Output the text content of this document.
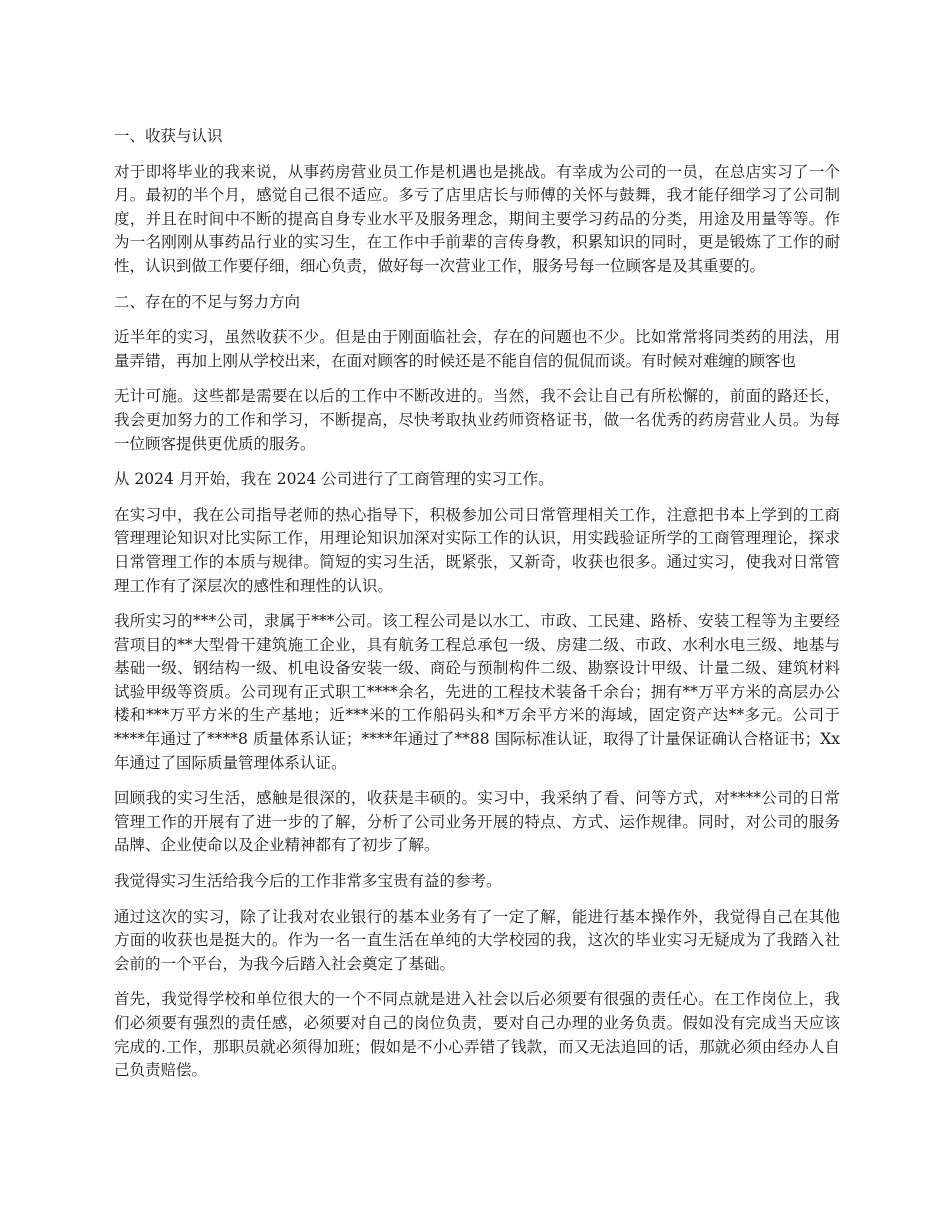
一、收获与认识

对于即将毕业的我来说，从事药房营业员工作是机遇也是挑战。有幸成为公司的一员，在总店实习了一个月。最初的半个月，感觉自己很不适应。多亏了店里店长与师傅的关怀与鼓舞，我才能仔细学习了公司制度，并且在时间中不断的提高自身专业水平及服务理念，期间主要学习药品的分类，用途及用量等等。作为一名刚刚从事药品行业的实习生，在工作中手前辈的言传身教，积累知识的同时，更是锻炼了工作的耐性，认识到做工作要仔细，细心负责，做好每一次营业工作，服务号每一位顾客是及其重要的。

二、存在的不足与努力方向

近半年的实习，虽然收获不少。但是由于刚面临社会，存在的问题也不少。比如常常将同类药的用法，用量弄错，再加上刚从学校出来，在面对顾客的时候还是不能自信的侃侃而谈。有时候对难缠的顾客也

无计可施。这些都是需要在以后的工作中不断改进的。当然，我不会让自己有所松懈的，前面的路还长，我会更加努力的工作和学习，不断提高，尽快考取执业药师资格证书，做一名优秀的药房营业人员。为每一位顾客提供更优质的服务。

从 2024 月开始，我在 2024 公司进行了工商管理的实习工作。

在实习中，我在公司指导老师的热心指导下，积极参加公司日常管理相关工作，注意把书本上学到的工商管理理论知识对比实际工作，用理论知识加深对实际工作的认识，用实践验证所学的工商管理理论，探求日常管理工作的本质与规律。简短的实习生活，既紧张，又新奇，收获也很多。通过实习，使我对日常管理工作有了深层次的感性和理性的认识。

我所实习的***公司，隶属于***公司。该工程公司是以水工、市政、工民建、路桥、安装工程等为主要经营项目的**大型骨干建筑施工企业，具有航务工程总承包一级、房建二级、市政、水利水电三级、地基与基础一级、钢结构一级、机电设备安装一级、商砼与预制构件二级、勘察设计甲级、计量二级、建筑材料试验甲级等资质。公司现有正式职工****余名，先进的工程技术装备千余台；拥有**万平方米的高层办公楼和***万平方米的生产基地；近***米的工作船码头和*万余平方米的海域，固定资产达**多元。公司于****年通过了****8 质量体系认证；****年通过了**88 国际标准认证，取得了计量保证确认合格证书；Xx 年通过了国际质量管理体系认证。

回顾我的实习生活，感触是很深的，收获是丰硕的。实习中，我采纳了看、问等方式，对****公司的日常管理工作的开展有了进一步的了解，分析了公司业务开展的特点、方式、运作规律。同时，对公司的服务品牌、企业使命以及企业精神都有了初步了解。

我觉得实习生活给我今后的工作非常多宝贵有益的参考。

通过这次的实习，除了让我对农业银行的基本业务有了一定了解，能进行基本操作外，我觉得自己在其他方面的收获也是挺大的。作为一名一直生活在单纯的大学校园的我，这次的毕业实习无疑成为了我踏入社会前的一个平台，为我今后踏入社会奠定了基础。

首先，我觉得学校和单位很大的一个不同点就是进入社会以后必须要有很强的责任心。在工作岗位上，我们必须要有强烈的责任感，必须要对自己的岗位负责，要对自己办理的业务负责。假如没有完成当天应该完成的.工作，那职员就必须得加班；假如是不小心弄错了钱款，而又无法追回的话，那就必须由经办人自己负责赔偿。
